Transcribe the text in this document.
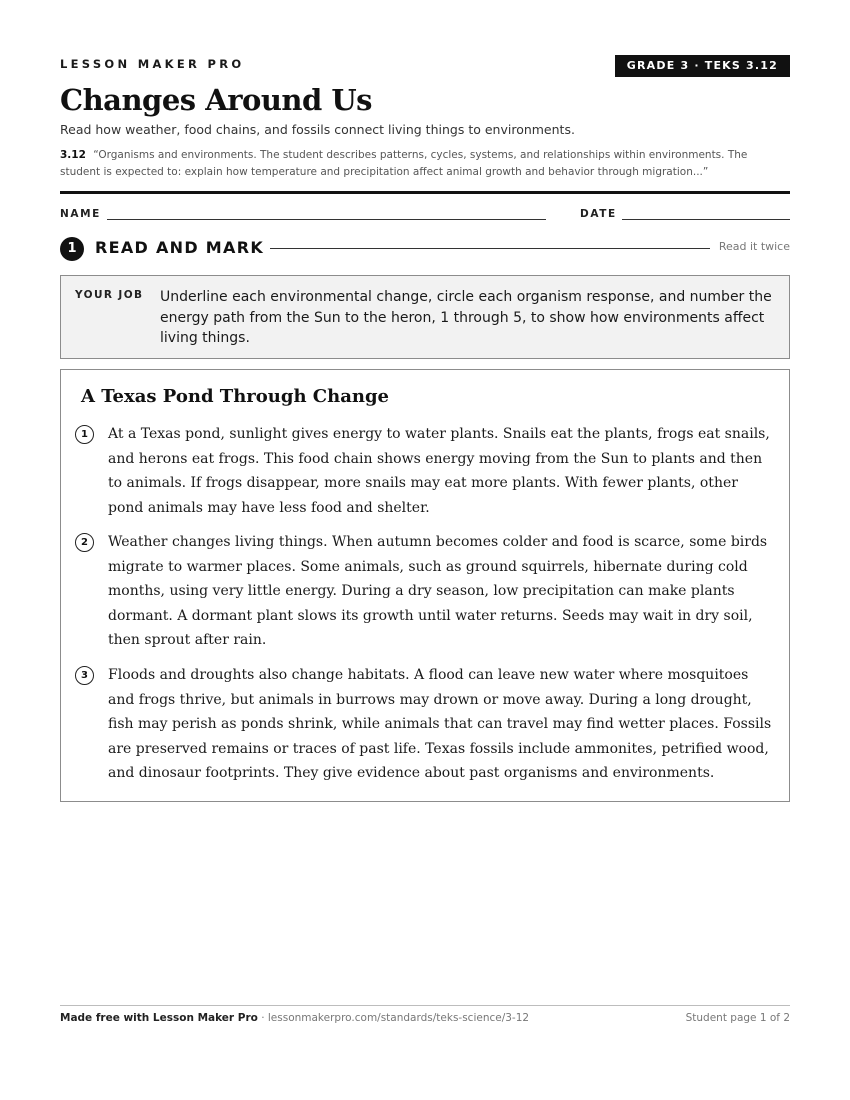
LESSON MAKER PRO	GRADE 3 · TEKS 3.12
Changes Around Us
Read how weather, food chains, and fossils connect living things to environments.
3.12 “Organisms and environments. The student describes patterns, cycles, systems, and relationships within environments. The student is expected to: explain how temperature and precipitation affect animal growth and behavior through migration...”
NAME	DATE
1	READ AND MARK	Read it twice
YOUR JOB Underline each environmental change, circle each organism response, and number the energy path from the Sun to the heron, 1 through 5, to show how environments affect living things.
A Texas Pond Through Change
1	At a Texas pond, sunlight gives energy to water plants. Snails eat the plants, frogs eat snails, and herons eat frogs. This food chain shows energy moving from the Sun to plants and then to animals. If frogs disappear, more snails may eat more plants. With fewer plants, other pond animals may have less food and shelter.
2	Weather changes living things. When autumn becomes colder and food is scarce, some birds migrate to warmer places. Some animals, such as ground squirrels, hibernate during cold months, using very little energy. During a dry season, low precipitation can make plants dormant. A dormant plant slows its growth until water returns. Seeds may wait in dry soil, then sprout after rain.
3	Floods and droughts also change habitats. A flood can leave new water where mosquitoes and frogs thrive, but animals in burrows may drown or move away. During a long drought, fish may perish as ponds shrink, while animals that can travel may find wetter places. Fossils are preserved remains or traces of past life. Texas fossils include ammonites, petrified wood, and dinosaur footprints. They give evidence about past organisms and environments.
Made free with Lesson Maker Pro · lessonmakerpro.com/standards/teks-science/3-12	Student page 1 of 2
